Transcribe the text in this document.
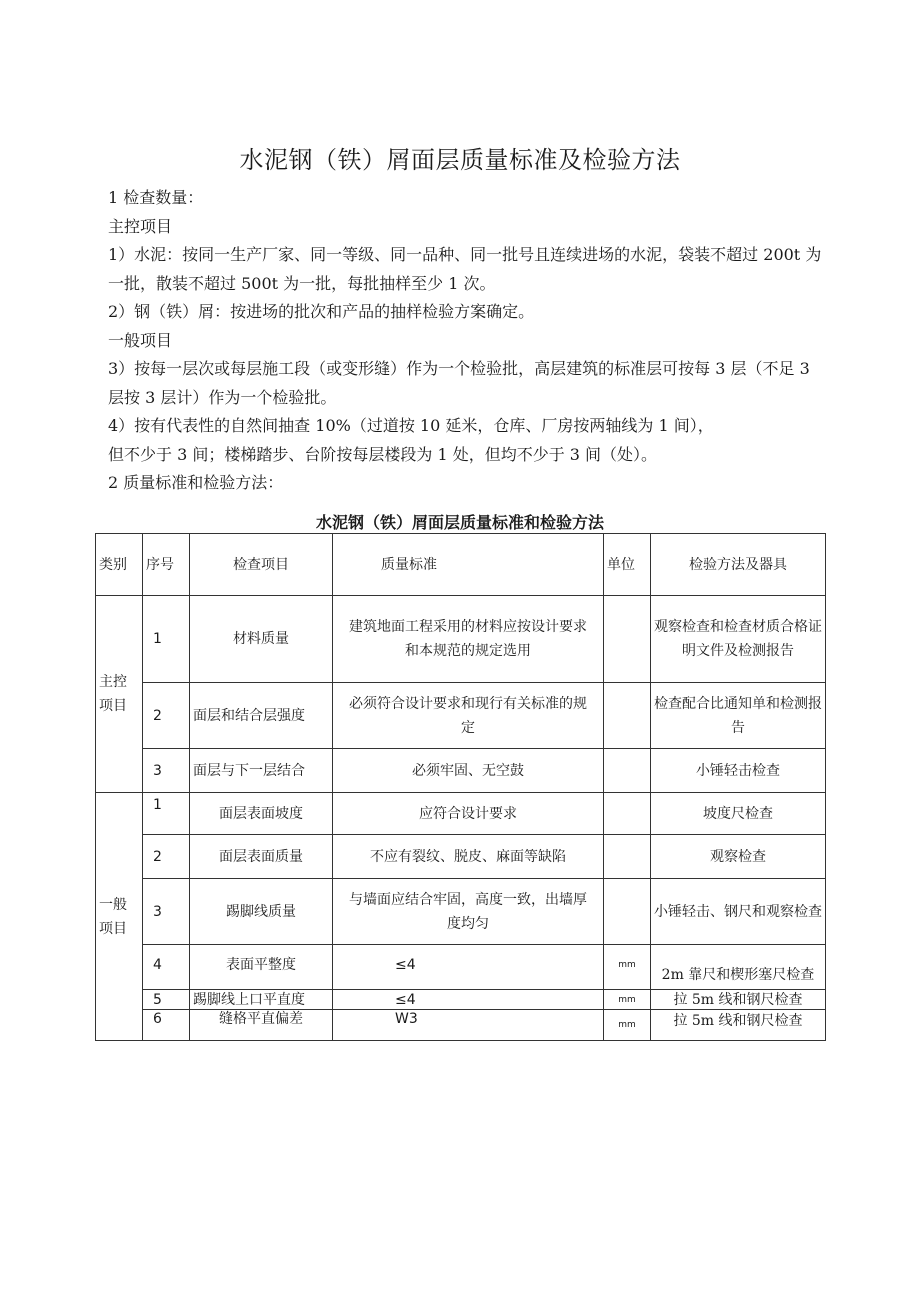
水泥钢（铁）屑面层质量标准及检验方法

1 检查数量：

主控项目

1）水泥：按同一生产厂家、同一等级、同一品种、同一批号且连续进场的水泥，袋装不超过 200t 为一批，散装不超过 500t 为一批，每批抽样至少 1 次。

2）钢（铁）屑：按进场的批次和产品的抽样检验方案确定。

一般项目

3）按每一层次或每层施工段（或变形缝）作为一个检验批，高层建筑的标准层可按每 3 层（不足 3 层按 3 层计）作为一个检验批。

4）按有代表性的自然间抽查 10%（过道按 10 延米，仓库、厂房按两轴线为 1 间），

但不少于 3 间；楼梯踏步、台阶按每层楼段为 1 处，但均不少于 3 间（处）。

2 质量标准和检验方法：

水泥钢（铁）屑面层质量标准和检验方法
类别	序号	检查项目	质量标准	单位	检验方法及器具
主控项目	1	材料质量	建筑地面工程采用的材料应按设计要求和本规范的规定选用		观察检查和检查材质合格证明文件及检测报告
	2	面层和结合层强度	必须符合设计要求和现行有关标准的规定		检查配合比通知单和检测报告
	3	面层与下一层结合	必须牢固、无空鼓		小锤轻击检查
一般项目	1	面层表面坡度	应符合设计要求		坡度尺检查
	2	面层表面质量	不应有裂纹、脱皮、麻面等缺陷		观察检查
	3	踢脚线质量	与墙面应结合牢固，高度一致，出墙厚度均匀		小锤轻击、钢尺和观察检查
	4	表面平整度	≤4	mm	2m 靠尺和楔形塞尺检查
	5	踢脚线上口平直度	≤4	mm	拉 5m 线和钢尺检查
	6	缝格平直偏差	W3	mm	拉 5m 线和钢尺检查
